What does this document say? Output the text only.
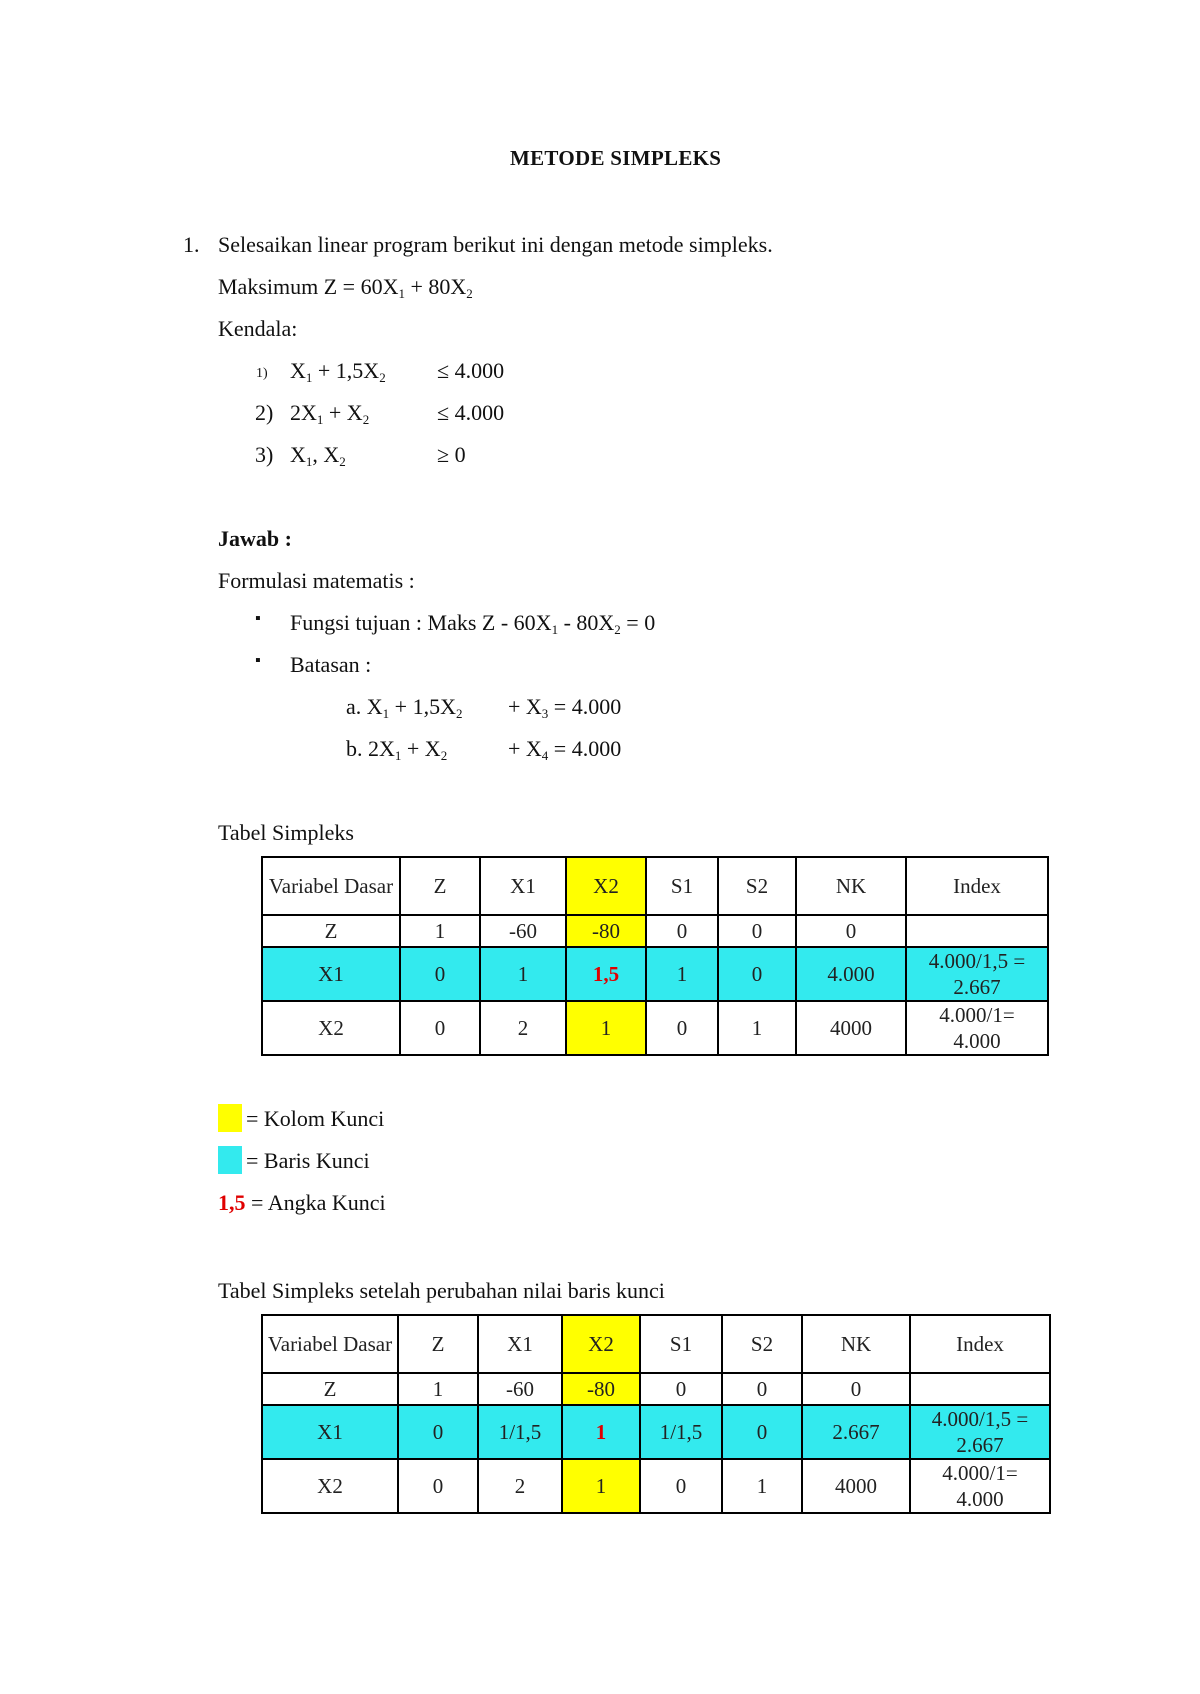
METODE SIMPLEKS
1. Selesaikan linear program berikut ini dengan metode simpleks.
Maksimum $Z = 60X_1 + 80X_2$
Kendala:
1) $X_1 + 1,5X_2 \le 4.000$
2) $2X_1 + X_2$	≤ 4.000
3) $X_1$, $X_2$	≥ 0
Jawab :
Formulasi matematis :
▪ Fungsi tujuan : Maks $Z - 60X_1 - 80X_2 = 0$
▪ Batasan :
a. $X_1 + 1,5X_2 + X_3 = 4.000$
b. $2X_1 + X_2$	+ $X_4 = 4.000$
Tabel Simpleks
Variabel Dasar	Z	X1	X2	S1	S2	NK	Index
Z	1	-60	-80	0	0	0	
X1	0	1	1,5	1	0	4.000	4.000/1,5 = 2.667
X2	0	2	1	0	1	4000	4.000/1= 4.000
= Kolom Kunci
= Baris Kunci
1,5 = Angka Kunci
Tabel Simpleks setelah perubahan nilai baris kunci
Variabel Dasar	Z	X1	X2	S1	S2	NK	Index
Z	1	-60	-80	0	0	0	
X1	0	1/1,5	1	1/1,5	0	2.667	4.000/1,5 = 2.667
X2	0	2	1	0	1	4000	4.000/1= 4.000
